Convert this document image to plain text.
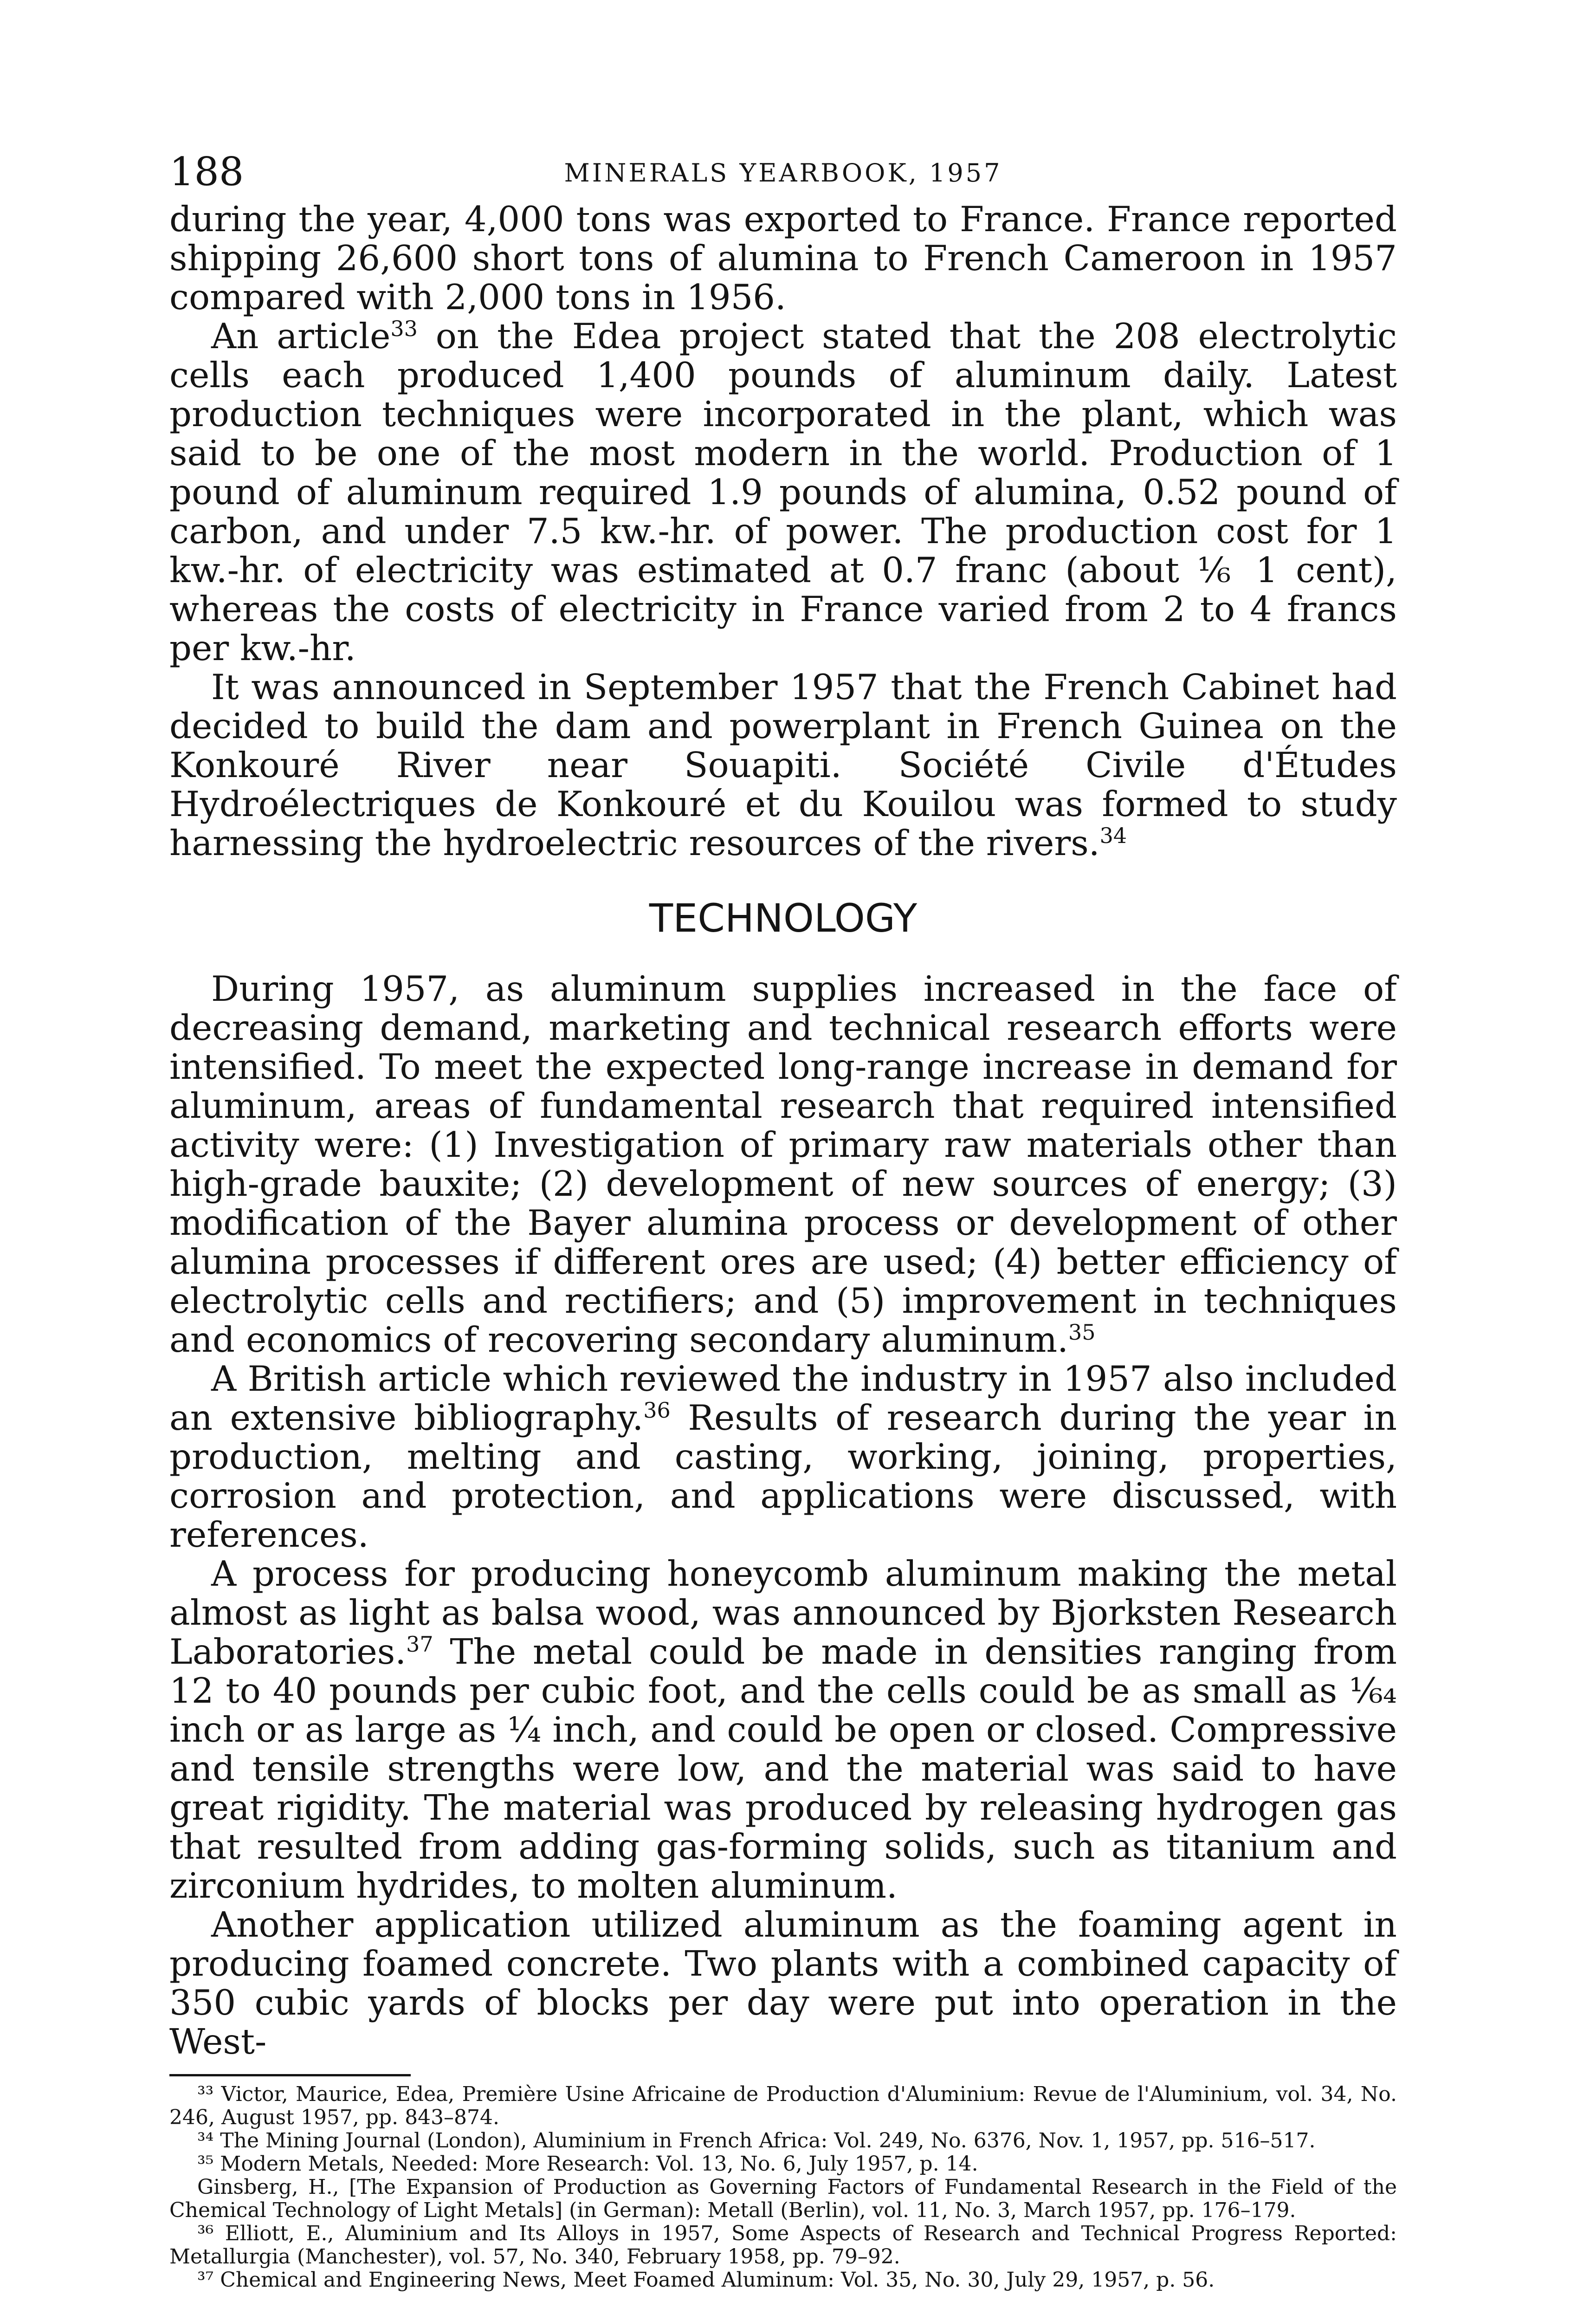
188	MINERALS YEARBOOK, 1957

during the year, 4,000 tons was exported to France. France reported shipping 26,600 short tons of alumina to French Cameroon in 1957 compared with 2,000 tons in 1956.

An article$^{33}$ on the Edea project stated that the 208 electrolytic cells each produced 1,400 pounds of aluminum daily. Latest production techniques were incorporated in the plant, which was said to be one of the most modern in the world. Production of 1 pound of aluminum required 1.9 pounds of alumina, 0.52 pound of carbon, and under 7.5 kw.-hr. of power. The production cost for 1 kw.-hr. of electricity was estimated at 0.7 franc (about ⅙ 1 cent), whereas the costs of electricity in France varied from 2 to 4 francs per kw.-hr.

It was announced in September 1957 that the French Cabinet had decided to build the dam and powerplant in French Guinea on the Konkouré River near Souapiti. Société Civile d'Études Hydroélectriques de Konkouré et du Kouilou was formed to study harnessing the hydroelectric resources of the rivers.$^{34}$

TECHNOLOGY

During 1957, as aluminum supplies increased in the face of decreasing demand, marketing and technical research efforts were intensified. To meet the expected long-range increase in demand for aluminum, areas of fundamental research that required intensified activity were: (1) Investigation of primary raw materials other than high-grade bauxite; (2) development of new sources of energy; (3) modification of the Bayer alumina process or development of other alumina processes if different ores are used; (4) better efficiency of electrolytic cells and rectifiers; and (5) improvement in techniques and economics of recovering secondary aluminum.$^{35}$

A British article which reviewed the industry in 1957 also included an extensive bibliography.$^{36}$ Results of research during the year in production, melting and casting, working, joining, properties, corrosion and protection, and applications were discussed, with references.

A process for producing honeycomb aluminum making the metal almost as light as balsa wood, was announced by Bjorksten Research Laboratories.$^{37}$ The metal could be made in densities ranging from 12 to 40 pounds per cubic foot, and the cells could be as small as ¹⁄₆₄ inch or as large as ¼ inch, and could be open or closed. Compressive and tensile strengths were low, and the material was said to have great rigidity. The material was produced by releasing hydrogen gas that resulted from adding gas-forming solids, such as titanium and zirconium hydrides, to molten aluminum.

Another application utilized aluminum as the foaming agent in producing foamed concrete. Two plants with a combined capacity of 350 cubic yards of blocks per day were put into operation in the West-

³³ Victor, Maurice, Edea, Première Usine Africaine de Production d'Aluminium: Revue de l'Aluminium, vol. 34, No. 246, August 1957, pp. 843–874.

³⁴ The Mining Journal (London), Aluminium in French Africa: Vol. 249, No. 6376, Nov. 1, 1957, pp. 516–517.

³⁵ Modern Metals, Needed: More Research: Vol. 13, No. 6, July 1957, p. 14.

Ginsberg, H., [The Expansion of Production as Governing Factors of Fundamental Research in the Field of the Chemical Technology of Light Metals] (in German): Metall (Berlin), vol. 11, No. 3, March 1957, pp. 176–179.

³⁶ Elliott, E., Aluminium and Its Alloys in 1957, Some Aspects of Research and Technical Progress Reported: Metallurgia (Manchester), vol. 57, No. 340, February 1958, pp. 79–92.

³⁷ Chemical and Engineering News, Meet Foamed Aluminum: Vol. 35, No. 30, July 29, 1957, p. 56.
